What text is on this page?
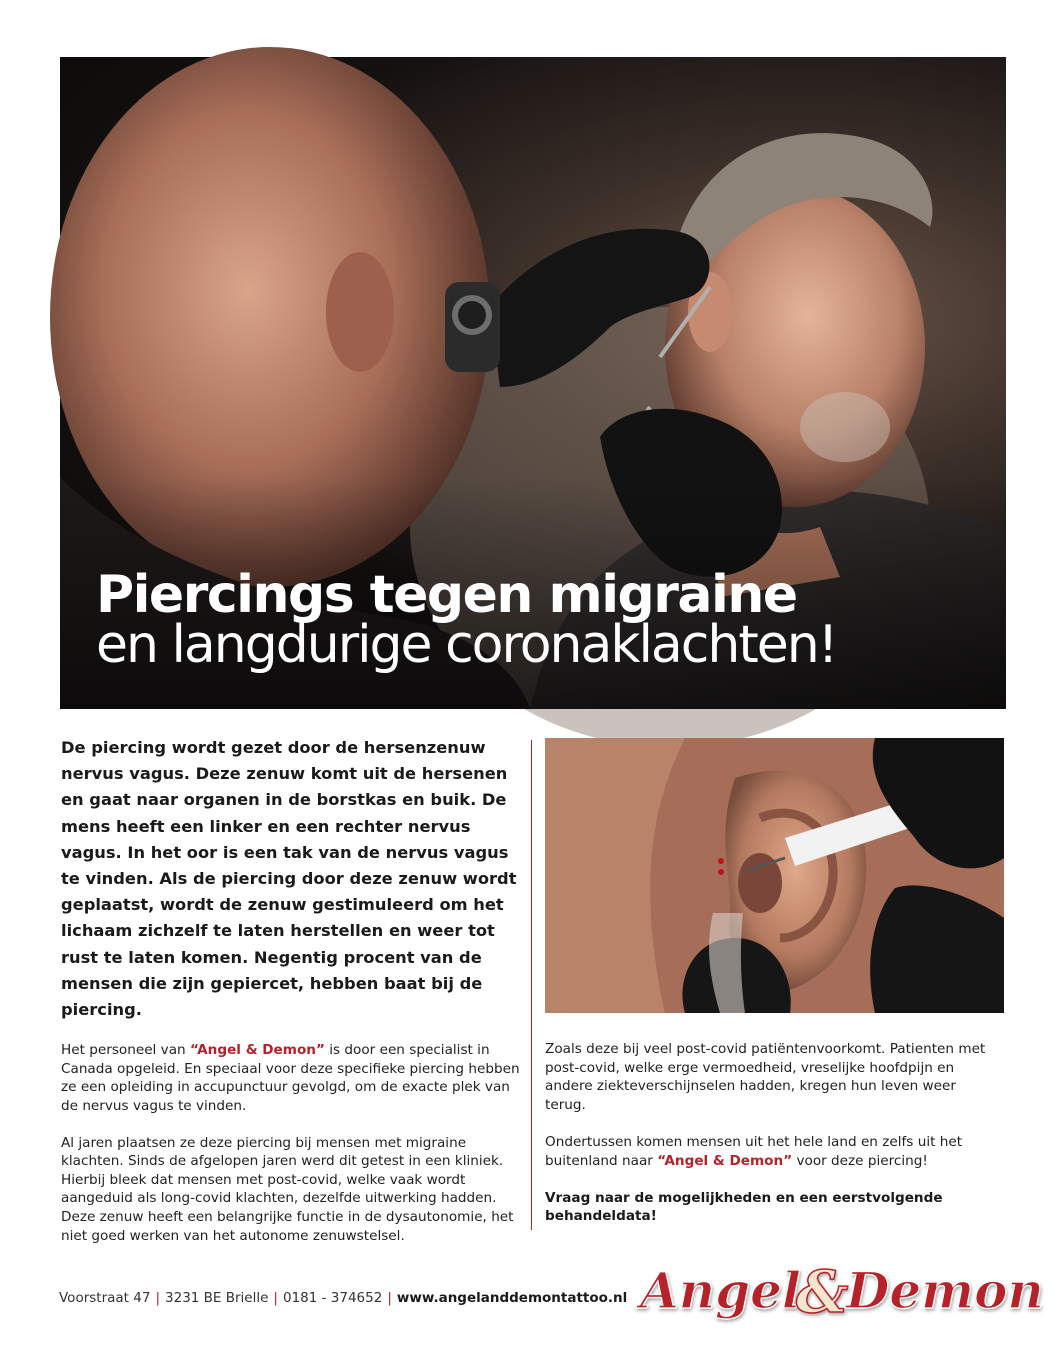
Piercings tegen migraine
en langdurige coronaklachten!

De piercing wordt gezet door de hersenzenuw nervus vagus. Deze zenuw komt uit de hersenen en gaat naar organen in de borstkas en buik. De mens heeft een linker en een rechter nervus vagus. In het oor is een tak van de nervus vagus te vinden. Als de piercing door deze zenuw wordt geplaatst, wordt de zenuw gestimuleerd om het lichaam zichzelf te laten herstellen en weer tot rust te laten komen. Negentig procent van de mensen die zijn gepiercet, hebben baat bij de piercing.

Het personeel van “Angel & Demon” is door een specialist in Canada opgeleid. En speciaal voor deze specifieke piercing hebben ze een opleiding in accupunctuur gevolgd, om de exacte plek van de nervus vagus te vinden.

Al jaren plaatsen ze deze piercing bij mensen met migraine klachten. Sinds de afgelopen jaren werd dit getest in een kliniek. Hierbij bleek dat mensen met post-covid, welke vaak wordt aangeduid als long-covid klachten, dezelfde uitwerking hadden. Deze zenuw heeft een belangrijke functie in de dysautonomie, het niet goed werken van het autonome zenuwstelsel.

Zoals deze bij veel post-covid patiëntenvoorkomt. Patienten met post-covid, welke erge vermoedheid, vreselijke hoofdpijn en andere ziekteverschijnselen hadden, kregen hun leven weer terug.

Ondertussen komen mensen uit het hele land en zelfs uit het buitenland naar “Angel & Demon” voor deze piercing!

Vraag naar de mogelijkheden en een eerstvolgende behandeldata!

Voorstraat 47 | 3231 BE Brielle | 0181 - 374652 | www.angelanddemontattoo.nl Angel
&
Demon
